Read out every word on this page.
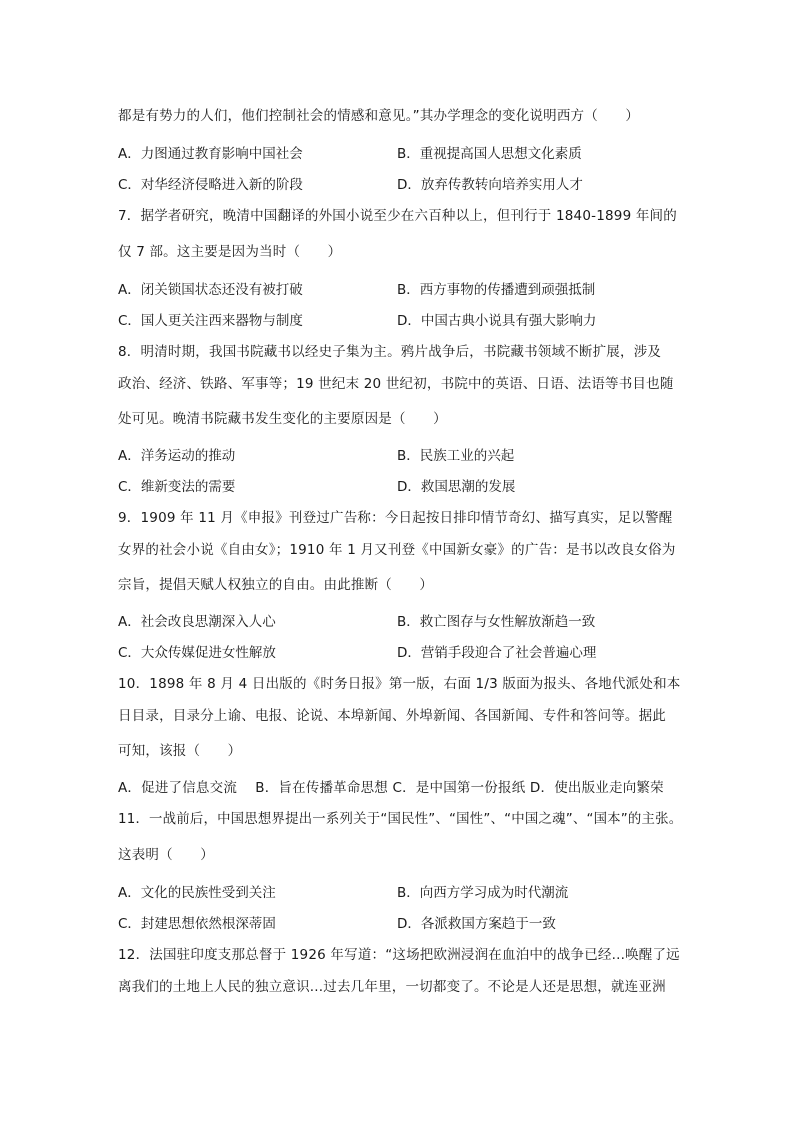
都是有势力的人们，他们控制社会的情感和意见。”其办学理念的变化说明西方（　　）
A．力图通过教育影响中国社会	B．重视提高国人思想文化素质
C．对华经济侵略进入新的阶段	D．放弃传教转向培养实用人才
7．据学者研究，晚清中国翻译的外国小说至少在六百种以上，但刊行于 1840-1899 年间的
仅 7 部。这主要是因为当时（　　）
A．闭关锁国状态还没有被打破	B．西方事物的传播遭到顽强抵制
C．国人更关注西来器物与制度	D．中国古典小说具有强大影响力
8．明清时期，我国书院藏书以经史子集为主。鸦片战争后，书院藏书领域不断扩展，涉及
政治、经济、铁路、军事等；19 世纪末 20 世纪初，书院中的英语、日语、法语等书目也随
处可见。晚清书院藏书发生变化的主要原因是（　　）
A．洋务运动的推动	B．民族工业的兴起
C．维新变法的需要	D．救国思潮的发展
9．1909 年 11 月《申报》刊登过广告称：今日起按日排印情节奇幻、描写真实，足以警醒
女界的社会小说《自由女》；1910 年 1 月又刊登《中国新女豪》的广告：是书以改良女俗为
宗旨，提倡天赋人权独立的自由。由此推断（　　）
A．社会改良思潮深入人心	B．救亡图存与女性解放渐趋一致
C．大众传媒促进女性解放	D．营销手段迎合了社会普遍心理
10．1898 年 8 月 4 日出版的《时务日报》第一版，右面 1/3 版面为报头、各地代派处和本
日目录，目录分上谕、电报、论说、本埠新闻、外埠新闻、各国新闻、专件和答问等。据此
可知，该报（　　）
A．促进了信息交流　 B．旨在传播革命思想 C．是中国第一份报纸 D．使出版业走向繁荣
11．一战前后，中国思想界提出一系列关于“国民性”、“国性”、“中国之魂”、“国本”的主张。
这表明（　　）
A．文化的民族性受到关注	B．向西方学习成为时代潮流
C．封建思想依然根深蒂固	D．各派救国方案趋于一致
12．法国驻印度支那总督于 1926 年写道：“这场把欧洲浸润在血泊中的战争已经...唤醒了远
离我们的土地上人民的独立意识...过去几年里，一切都变了。不论是人还是思想，就连亚洲
